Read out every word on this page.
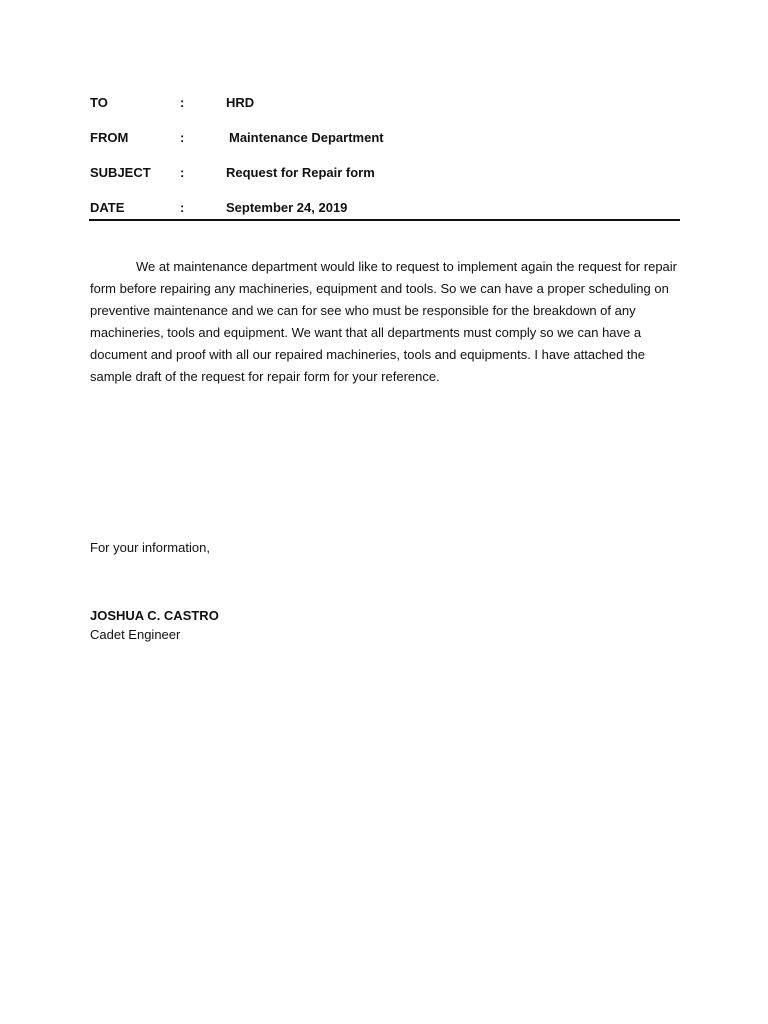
TO	:	HRD
FROM	:	Maintenance Department
SUBJECT :	Request for Repair form
DATE	:	September 24, 2019

We at maintenance department would like to request to implement again the request for repair form before repairing any machineries, equipment and tools. So we can have a proper scheduling on preventive maintenance and we can for see who must be responsible for the breakdown of any machineries, tools and equipment. We want that all departments must comply so we can have a document and proof with all our repaired machineries, tools and equipments. I have attached the sample draft of the request for repair form for your reference.

For your information,

JOSHUA C. CASTRO

Cadet Engineer
